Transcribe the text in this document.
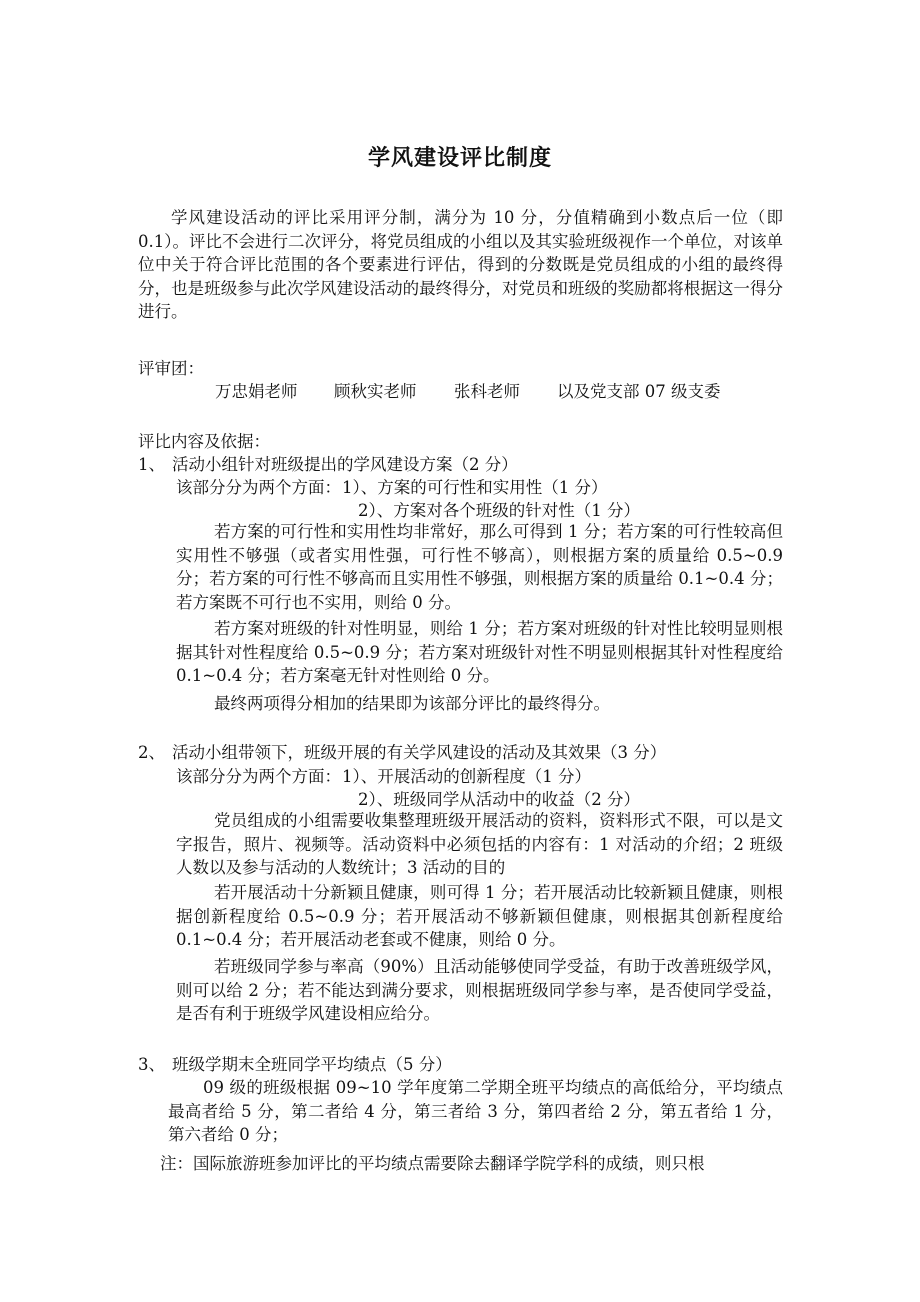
学风建设评比制度
学风建设活动的评比采用评分制，满分为 10 分，分值精确到小数点后一位（即 0.1）。评比不会进行二次评分，将党员组成的小组以及其实验班级视作一个单位，对该单位中关于符合评比范围的各个要素进行评估，得到的分数既是党员组成的小组的最终得分，也是班级参与此次学风建设活动的最终得分，对党员和班级的奖励都将根据这一得分进行。
评审团：
万忠娟老师 顾秋实老师 张科老师 以及党支部 07 级支委
评比内容及依据：
1、 活动小组针对班级提出的学风建设方案（2 分）
该部分分为两个方面： 1）、方案的可行性和实用性（1 分）
2）、方案对各个班级的针对性（1 分）
若方案的可行性和实用性均非常好，那么可得到 1 分；若方案的可行性较高但实用性不够强（或者实用性强，可行性不够高），则根据方案的质量给 0.5~0.9 分；若方案的可行性不够高而且实用性不够强，则根据方案的质量给 0.1~0.4 分；若方案既不可行也不实用，则给 0 分。
若方案对班级的针对性明显，则给 1 分；若方案对班级的针对性比较明显则根据其针对性程度给 0.5~0.9 分；若方案对班级针对性不明显则根据其针对性程度给 0.1~0.4 分；若方案毫无针对性则给 0 分。
最终两项得分相加的结果即为该部分评比的最终得分。
2、 活动小组带领下，班级开展的有关学风建设的活动及其效果（3 分）
该部分分为两个方面： 1）、开展活动的创新程度（1 分）
2）、班级同学从活动中的收益（2 分）
党员组成的小组需要收集整理班级开展活动的资料，资料形式不限，可以是文字报告，照片、视频等。活动资料中必须包括的内容有：1 对活动的介绍；2 班级人数以及参与活动的人数统计；3 活动的目的
若开展活动十分新颖且健康，则可得 1 分；若开展活动比较新颖且健康，则根据创新程度给 0.5~0.9 分；若开展活动不够新颖但健康，则根据其创新程度给 0.1~0.4 分；若开展活动老套或不健康，则给 0 分。
若班级同学参与率高（90%）且活动能够使同学受益，有助于改善班级学风，则可以给 2 分；若不能达到满分要求，则根据班级同学参与率，是否使同学受益，是否有利于班级学风建设相应给分。
3、 班级学期末全班同学平均绩点（5 分）
09 级的班级根据 09~10 学年度第二学期全班平均绩点的高低给分，平均绩点最高者给 5 分，第二者给 4 分，第三者给 3 分，第四者给 2 分，第五者给 1 分，第六者给 0 分；
注：国际旅游班参加评比的平均绩点需要除去翻译学院学科的成绩，则只根
